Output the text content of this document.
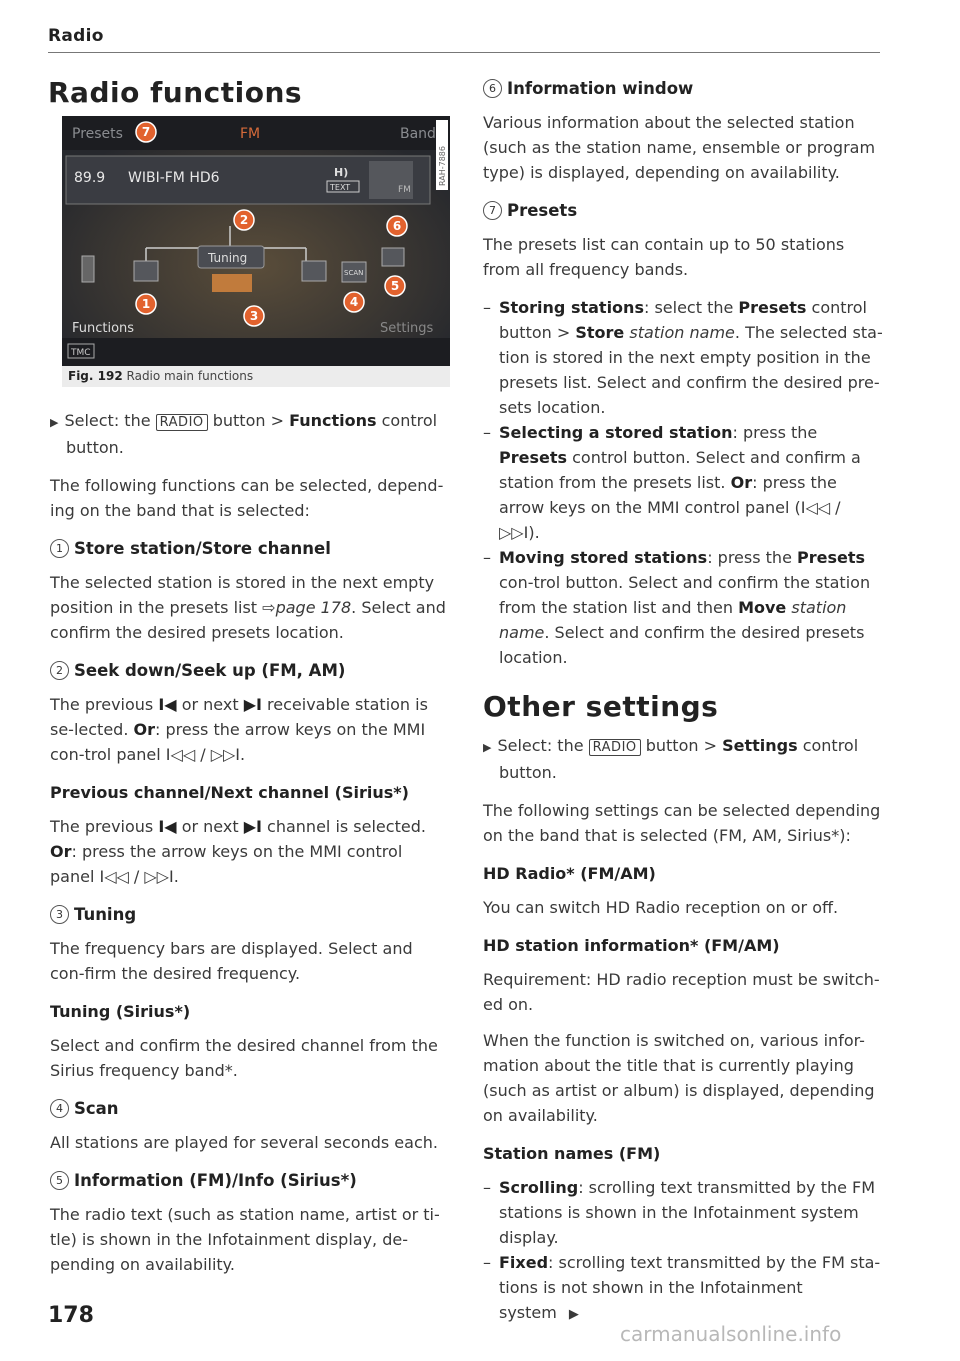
Radio
Radio functions
Presets	FM	Band
89.9 WIBI-FM HD6	H)
TEXT	FM
RAH-7886
Tuning
SCAN
Functions	Settings
TMC
7
2	6
1
3
4
5
Fig. 192 Radio main functions
▶ Select: the RADIO button > Functions control button.
The following functions can be selected, depend-ing on the band that is selected:
1 Store station/Store channel
The selected station is stored in the next empty position in the presets list ⇨page 178. Select and confirm the desired presets location.
2 Seek down/Seek up (FM, AM)
The previous I◀ or next ▶I receivable station is se-lected. Or: press the arrow keys on the MMI con-trol panel I◁◁ / ▷▷I.
Previous channel/Next channel (Sirius*)
The previous I◀ or next ▶I channel is selected. Or: press the arrow keys on the MMI control panel I◁◁ / ▷▷I.
3 Tuning
The frequency bars are displayed. Select and con-firm the desired frequency.
Tuning (Sirius*)
Select and confirm the desired channel from the Sirius frequency band*.
4 Scan
All stations are played for several seconds each.
5 Information (FM)/Info (Sirius*)
The radio text (such as station name, artist or ti-tle) is shown in the Infotainment display, de-pending on availability.
6 Information window
Various information about the selected station (such as the station name, ensemble or program type) is displayed, depending on availability.
7 Presets
The presets list can contain up to 50 stations from all frequency bands.
– Storing stations: select the Presets control button > Store station name. The selected sta-tion is stored in the next empty position in the presets list. Select and confirm the desired pre-sets location.
– Selecting a stored station: press the Presets control button. Select and confirm a station from the presets list. Or: press the arrow keys on the MMI control panel (I◁◁ / ▷▷I).
– Moving stored stations: press the Presets con-trol button. Select and confirm the station from the station list and then Move station name. Select and confirm the desired presets location.
Other settings
▶ Select: the RADIO button > Settings control button.
The following settings can be selected depending on the band that is selected (FM, AM, Sirius*):
HD Radio* (FM/AM)
You can switch HD Radio reception on or off.
HD station information* (FM/AM)
Requirement: HD radio reception must be switch-ed on.
When the function is switched on, various infor-mation about the title that is currently playing (such as artist or album) is displayed, depending on availability.
Station names (FM)
– Scrolling: scrolling text transmitted by the FM stations is shown in the Infotainment system display.
– Fixed: scrolling text transmitted by the FM sta-tions is not shown in the Infotainment system ▶
178
carmanualsonline.info
